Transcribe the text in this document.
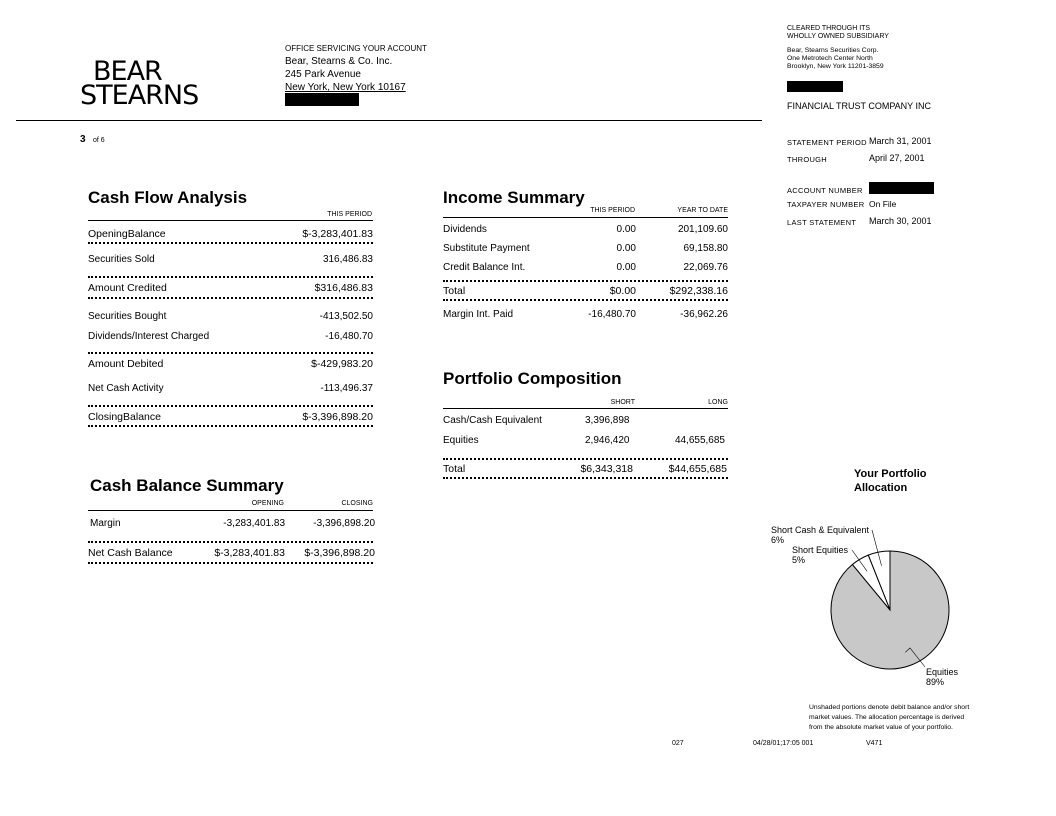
BEAR
STEARNS
OFFICE SERVICING YOUR ACCOUNT
Bear, Stearns & Co. Inc.
245 Park Avenue
New York, New York 10167
CLEARED THROUGH ITS
WHOLLY OWNED SUBSIDIARY
Bear, Stearns Securities Corp.
One Metrotech Center North
Brooklyn, New York 11201-3859
FINANCIAL TRUST COMPANY INC
3 of 6	STATEMENT PERIOD March 31, 2001
THROUGH	April 27, 2001
ACCOUNT NUMBER
TAXPAYER NUMBER On File
LAST STATEMENT March 30, 2001
Cash Flow Analysis
THIS PERIOD
OpeningBalance	$-3,283,401.83
Securities Sold	316,486.83
Amount Credited	$316,486.83
Securities Bought	-413,502.50
Dividends/Interest Charged	-16,480.70
Amount Debited	$-429,983.20
Net Cash Activity	-113,496.37
ClosingBalance	$-3,396,898.20
Income Summary
THIS PERIOD	YEAR TO DATE
Dividends	0.00	201,109.60
Substitute Payment	0.00	69,158.80
Credit Balance Int.	0.00	22,069.76
Total	$0.00	$292,338.16
Margin Int. Paid	-16,480.70	-36,962.26
Portfolio Composition
SHORT	LONG
Cash/Cash Equivalent	3,396,898
Equities	2,946,420	44,655,685
Total	$6,343,318	$44,655,685
Cash Balance Summary
OPENING	CLOSING
Margin	-3,283,401.83	-3,396,898.20
Net Cash Balance	$-3,283,401.83	$-3,396,898.20
Your Portfolio
Allocation
Short Cash & Equivalent
6%
Short Equities
5%
Equities
89%
Unshaded portions denote debit balance and/or short
market values. The allocation percentage is derived
from the absolute market value of your portfolio.
027	04/28/01;17:05 001	V471
